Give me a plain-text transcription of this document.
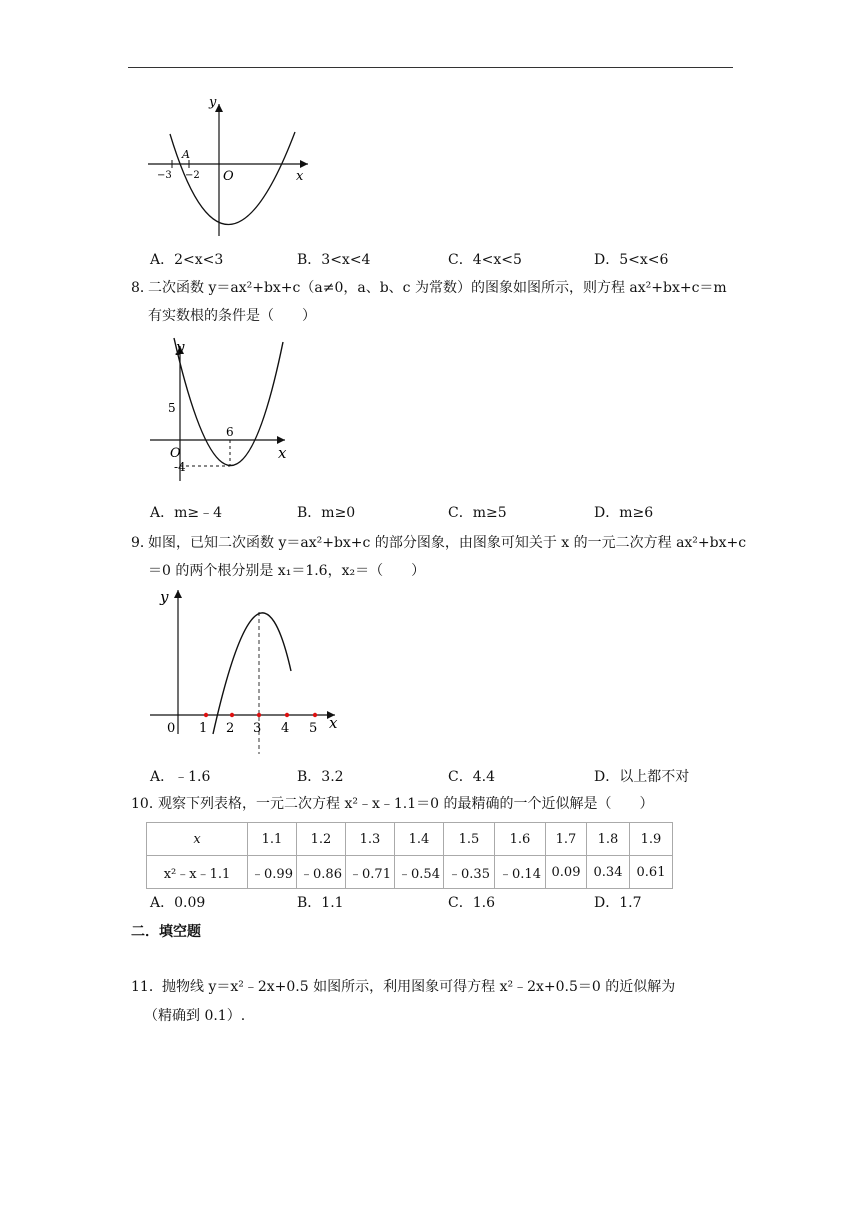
y
A
−3 −2 O	x
A．2<x<3	B．3<x<4	C．4<x<5	D．5<x<6
8．
二次函数 y＝ax²+bx+c（a≠0，a、b、c 为常数）的图象如图所示，则方程 ax²+bx+c＝m
有实数根的条件是（　　）
y
5
6
O
-4
x
A．m≥﹣4	B．m≥0	C．m≥5	D．m≥6
9．
如图，已知二次函数 y＝ax²+bx+c 的部分图象，由图象可知关于 x 的一元二次方程 ax²+bx+c
＝0 的两个根分别是 x₁＝1.6，x₂＝（　　）
y
0 1 2 3 4 5 x
A．﹣1.6	B．3.2	C．4.4	D．以上都不对
10．
观察下列表格，一元二次方程 x²﹣x﹣1.1＝0 的最精确的一个近似解是（　　）
x	1.1	1.2	1.3	1.4	1.5	1.6	1.7	1.8	1.9
x²﹣x﹣1.1	﹣0.99	﹣0.86	﹣0.71	﹣0.54	﹣0.35	﹣0.14	0.09	0.34	0.61
A．0.09	B．1.1	C．1.6	D．1.7
二．填空题
11． 抛物线 y＝x²﹣2x+0.5 如图所示，利用图象可得方程 x²﹣2x+0.5＝0 的近似解为
（精确到 0.1）.
